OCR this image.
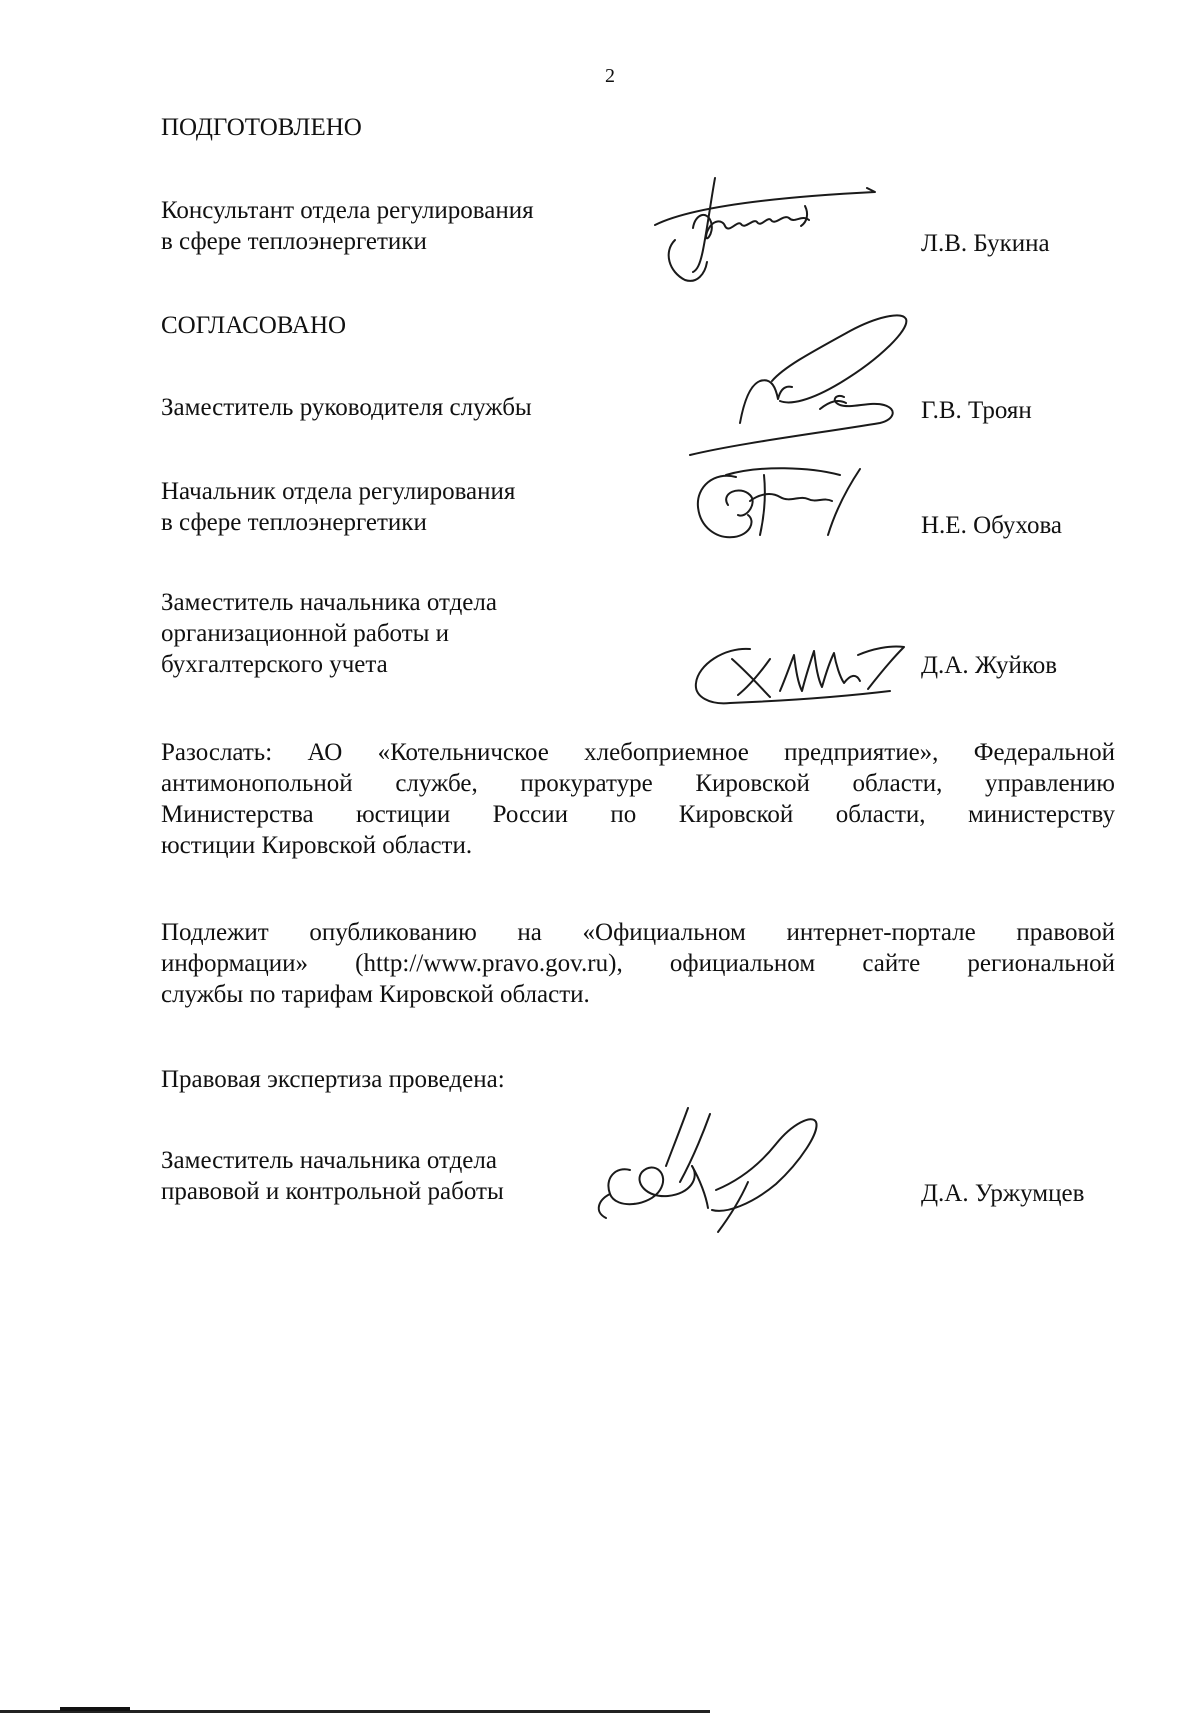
2
ПОДГОТОВЛЕНО
Консультант отдела регулирования
в сфере теплоэнергетики	Л.В. Букина
СОГЛАСОВАНО
Заместитель руководителя службы	Г.В. Троян
Начальник отдела регулирования
в сфере теплоэнергетики	Н.Е. Обухова
Заместитель начальника отдела
организационной работы и
бухгалтерского учета	Д.А. Жуйков
Разослать: АО «Котельничское хлебоприемное предприятие», Федеральной
антимонопольной службе, прокуратуре Кировской области, управлению
Министерства юстиции России по Кировской области, министерству
юстиции Кировской области.
Подлежит опубликованию на «Официальном интернет-портале правовой
информации» (http://www.pravo.gov.ru), официальном сайте региональной
службы по тарифам Кировской области.
Правовая экспертиза проведена:
Заместитель начальника отдела
правовой и контрольной работы	Д.А. Уржумцев
